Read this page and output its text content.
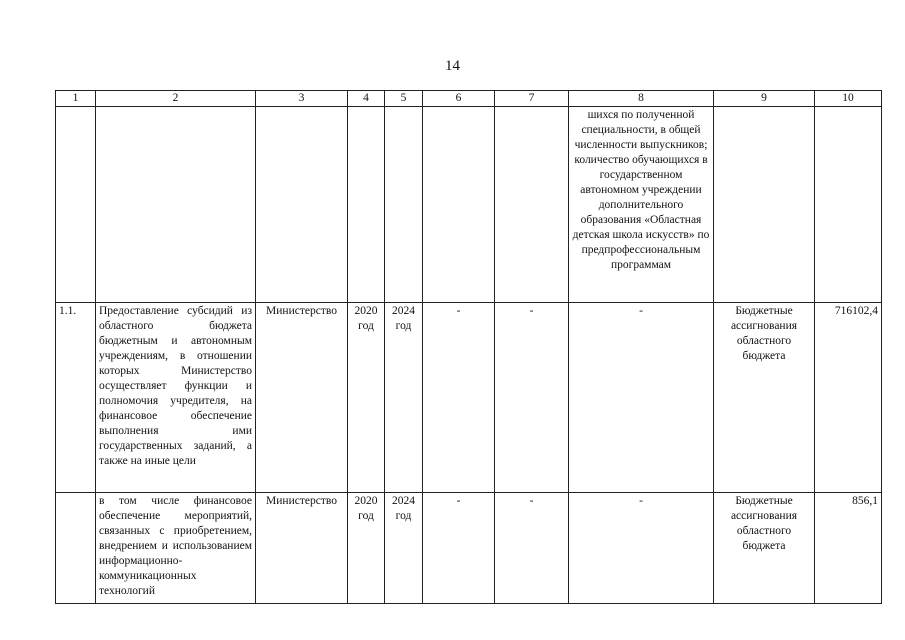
14
1	2	3	4	5	6	7	8	9	10
							шихся по полученной специальности, в общей численности выпускников; количество обучающихся в государственном автономном учреждении дополнительного образования «Областная детская школа искусств» по предпрофессиональным программам		
1.1.	Предоставление субсидий из областного бюджета бюджетным и автономным учреждениям, в отношении которых Министерство осуществляет функции и полномочия учредителя, на финансовое обеспечение выполнения ими государственных заданий, а также на иные цели	Министерство	2020 год	2024 год	-	-	-	Бюджетные ассигнования областного бюджета	716102,4
	в том числе финансовое обеспечение мероприятий, связанных с приобретением, внедрением и использованием информационно-коммуникационных технологий	Министерство	2020 год	2024 год	-	-	-	Бюджетные ассигнования областного бюджета	856,1
